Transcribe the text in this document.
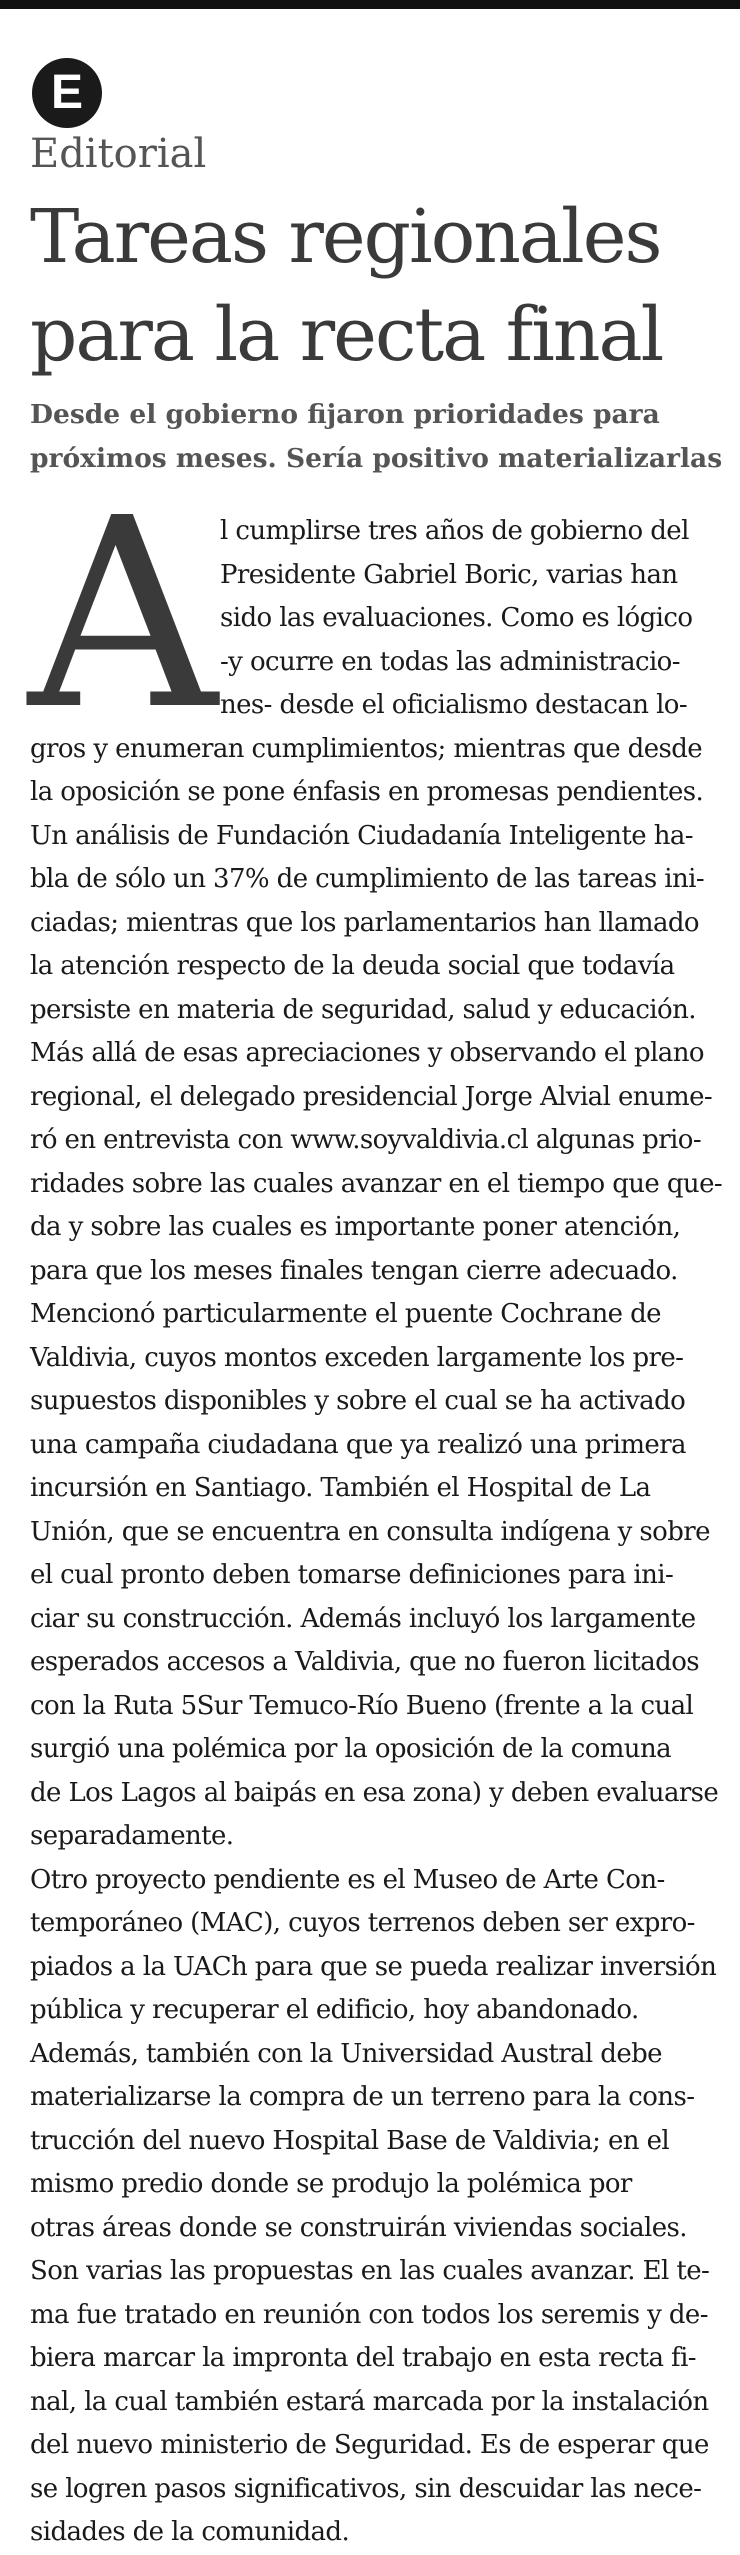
E
Editorial
Tareas regionales
para la recta final
Desde el gobierno fijaron prioridades para
próximos meses. Sería positivo materializarlas
A l cumplirse tres años de gobierno del
Presidente Gabriel Boric, varias han
sido las evaluaciones. Como es lógico
-y ocurre en todas las administracio-
nes- desde el oficialismo destacan lo-
gros y enumeran cumplimientos; mientras que desde
la oposición se pone énfasis en promesas pendientes.
Un análisis de Fundación Ciudadanía Inteligente ha-
bla de sólo un 37% de cumplimiento de las tareas ini-
ciadas; mientras que los parlamentarios han llamado
la atención respecto de la deuda social que todavía
persiste en materia de seguridad, salud y educación.
Más allá de esas apreciaciones y observando el plano
regional, el delegado presidencial Jorge Alvial enume-
ró en entrevista con www.soyvaldivia.cl algunas prio-
ridades sobre las cuales avanzar en el tiempo que que-
da y sobre las cuales es importante poner atención,
para que los meses finales tengan cierre adecuado.
Mencionó particularmente el puente Cochrane de
Valdivia, cuyos montos exceden largamente los pre-
supuestos disponibles y sobre el cual se ha activado
una campaña ciudadana que ya realizó una primera
incursión en Santiago. También el Hospital de La
Unión, que se encuentra en consulta indígena y sobre
el cual pronto deben tomarse definiciones para ini-
ciar su construcción. Además incluyó los largamente
esperados accesos a Valdivia, que no fueron licitados
con la Ruta 5Sur Temuco-Río Bueno (frente a la cual
surgió una polémica por la oposición de la comuna
de Los Lagos al baipás en esa zona) y deben evaluarse
separadamente.
Otro proyecto pendiente es el Museo de Arte Con-
temporáneo (MAC), cuyos terrenos deben ser expro-
piados a la UACh para que se pueda realizar inversión
pública y recuperar el edificio, hoy abandonado.
Además, también con la Universidad Austral debe
materializarse la compra de un terreno para la cons-
trucción del nuevo Hospital Base de Valdivia; en el
mismo predio donde se produjo la polémica por
otras áreas donde se construirán viviendas sociales.
Son varias las propuestas en las cuales avanzar. El te-
ma fue tratado en reunión con todos los seremis y de-
biera marcar la impronta del trabajo en esta recta fi-
nal, la cual también estará marcada por la instalación
del nuevo ministerio de Seguridad. Es de esperar que
se logren pasos significativos, sin descuidar las nece-
sidades de la comunidad.
